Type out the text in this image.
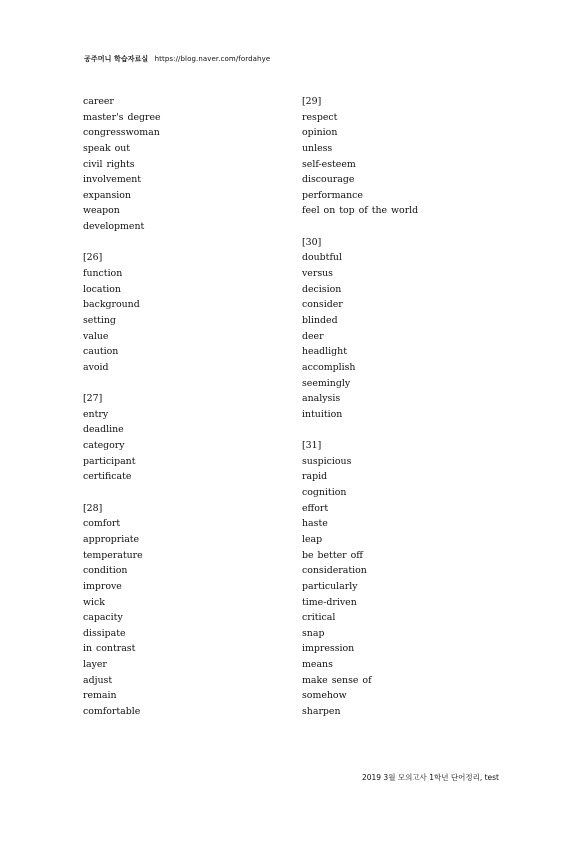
공주머니 학습자료실 https://blog.naver.com/fordahye
career
master's degree
congresswoman
speak out
civil rights
involvement
expansion
weapon
development
[26]
function
location
background
setting
value
caution
avoid
[27]
entry
deadline
category
participant
certificate
[28]
comfort
appropriate
temperature
condition
improve
wick
capacity
dissipate
in contrast
layer
adjust
remain
comfortable
[29]
respect
opinion
unless
self-esteem
discourage
performance
feel on top of the world
[30]
doubtful
versus
decision
consider
blinded
deer
headlight
accomplish
seemingly
analysis
intuition
[31]
suspicious
rapid
cognition
effort
haste
leap
be better off
consideration
particularly
time-driven
critical
snap
impression
means
make sense of
somehow
sharpen
2019 3월 모의고사 1학년 단어정리, test
